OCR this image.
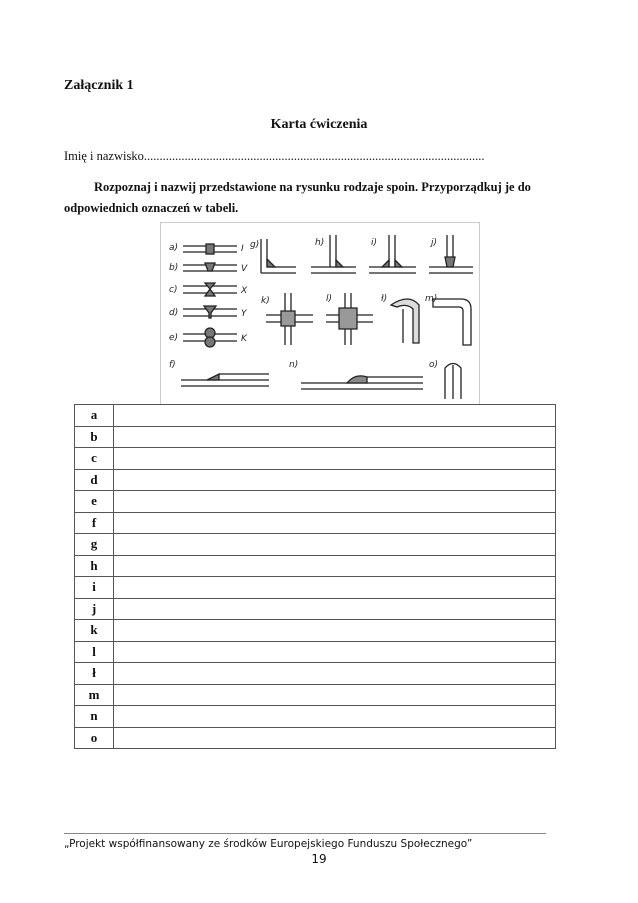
Załącznik 1
Karta ćwiczenia
Imię i nazwisko.............................................................................................................
Rozpoznaj i nazwij przedstawione na rysunku rodzaje spoin. Przyporządkuj je do odpowiednich oznaczeń w tabeli.
a)
b)
c)
d)
e)
f)
g)	h)	i)	j)
k)	l)	ł)	m)
n)	o)
I
V
X
Y
K
a	
b	
c	
d	
e	
f	
g	
h	
i	
j	
k	
l	
ł	
m	
n	
o	
„Projekt współfinansowany ze środków Europejskiego Funduszu Społecznego”
19
